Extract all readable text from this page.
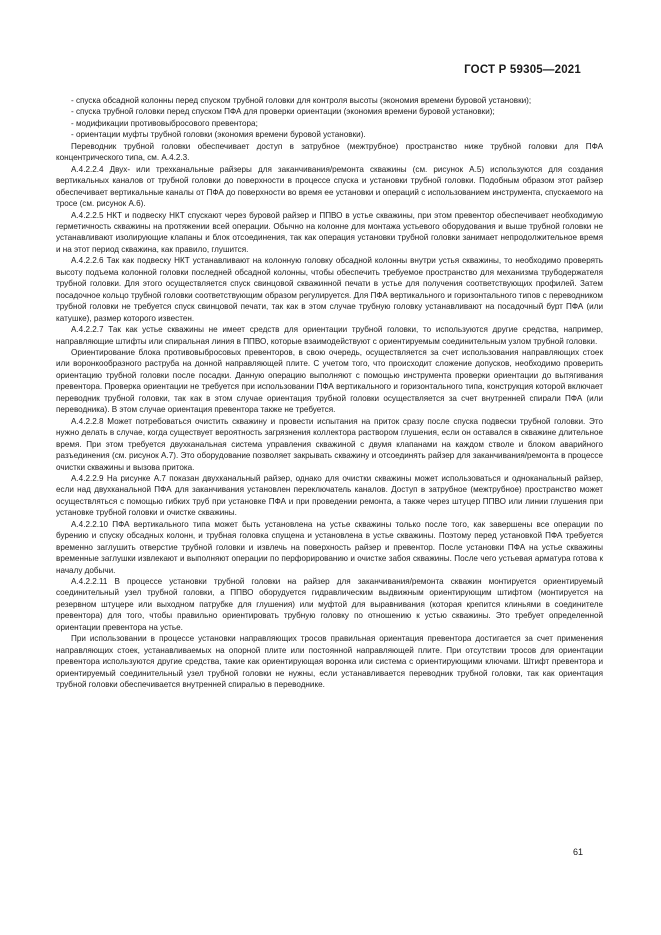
ГОСТ Р 59305—2021

- спуска обсадной колонны перед спуском трубной головки для контроля высоты (экономия времени буровой установки);

- спуска трубной головки перед спуском ПФА для проверки ориентации (экономия времени буровой установки);

- модификации противовыбросового превентора;

- ориентации муфты трубной головки (экономия времени буровой установки).

Переводник трубной головки обеспечивает доступ в затрубное (межтрубное) пространство ниже трубной головки для ПФА концентрического типа, см. А.4.2.3.

А.4.2.2.4 Двух- или трехканальные райзеры для заканчивания/ремонта скважины (см. рисунок А.5) используются для создания вертикальных каналов от трубной головки до поверхности в процессе спуска и установки трубной головки. Подобным образом этот райзер обеспечивает вертикальные каналы от ПФА до поверхности во время ее установки и операций с использованием инструмента, спускаемого на тросе (см. рисунок А.6).

А.4.2.2.5 НКТ и подвеску НКТ спускают через буровой райзер и ППВО в устье скважины, при этом превентор обеспечивает необходимую герметичность скважины на протяжении всей операции. Обычно на колонне для монтажа устьевого оборудования и выше трубной головки не устанавливают изолирующие клапаны и блок отсоединения, так как операция установки трубной головки занимает непродолжительное время и на этот период скважина, как правило, глушится.

А.4.2.2.6 Так как подвеску НКТ устанавливают на колонную головку обсадной колонны внутри устья скважины, то необходимо проверять высоту подъема колонной головки последней обсадной колонны, чтобы обеспечить требуемое пространство для механизма трубодержателя трубной головки. Для этого осуществляется спуск свинцовой скважинной печати в устье для получения соответствующих профилей. Затем посадочное кольцо трубной головки соответствующим образом регулируется. Для ПФА вертикального и горизонтального типов с переводником трубной головки не требуется спуск свинцовой печати, так как в этом случае трубную головку устанавливают на посадочный бурт ПФА (или катушке), размер которого известен.

А.4.2.2.7 Так как устье скважины не имеет средств для ориентации трубной головки, то используются другие средства, например, направляющие штифты или спиральная линия в ППВО, которые взаимодействуют с ориентируемым соединительным узлом трубной головки.

Ориентирование блока противовыбросовых превенторов, в свою очередь, осуществляется за счет использования направляющих стоек или воронкообразного раструба на донной направляющей плите. С учетом того, что происходит сложение допусков, необходимо проверить ориентацию трубной головки после посадки. Данную операцию выполняют с помощью инструмента проверки ориентации до вытягивания превентора. Проверка ориентации не требуется при использовании ПФА вертикального и горизонтального типа, конструкция которой включает переводник трубной головки, так как в этом случае ориентация трубной головки осуществляется за счет внутренней спирали ПФА (или переводника). В этом случае ориентация превентора также не требуется.

А.4.2.2.8 Может потребоваться очистить скважину и провести испытания на приток сразу после спуска подвески трубной головки. Это нужно делать в случае, когда существует вероятность загрязнения коллектора раствором глушения, если он оставался в скважине длительное время. При этом требуется двухканальная система управления скважиной с двумя клапанами на каждом стволе и блоком аварийного разъединения (см. рисунок А.7). Это оборудование позволяет закрывать скважину и отсоединять райзер для заканчивания/ремонта в процессе очистки скважины и вызова притока.

А.4.2.2.9 На рисунке А.7 показан двухканальный райзер, однако для очистки скважины может использоваться и одноканальный райзер, если над двухканальной ПФА для заканчивания установлен переключатель каналов. Доступ в затрубное (межтрубное) пространство может осуществляться с помощью гибких труб при установке ПФА и при проведении ремонта, а также через штуцер ППВО или линии глушения при установке трубной головки и очистке скважины.

А.4.2.2.10 ПФА вертикального типа может быть установлена на устье скважины только после того, как завершены все операции по бурению и спуску обсадных колонн, и трубная головка спущена и установлена в устье скважины. Поэтому перед установкой ПФА требуется временно заглушить отверстие трубной головки и извлечь на поверхность райзер и превентор. После установки ПФА на устье скважины временные заглушки извлекают и выполняют операции по перфорированию и очистке забоя скважины. После чего устьевая арматура готова к началу добычи.

А.4.2.2.11 В процессе установки трубной головки на райзер для заканчивания/ремонта скважин монтируется ориентируемый соединительный узел трубной головки, а ППВО оборудуется гидравлическим выдвижным ориентирующим штифтом (монтируется на резервном штуцере или выходном патрубке для глушения) или муфтой для выравнивания (которая крепится клиньями в соединителе превентора) для того, чтобы правильно ориентировать трубную головку по отношению к устью скважины. Это требует определенной ориентации превентора на устье.

При использовании в процессе установки направляющих тросов правильная ориентация превентора достигается за счет применения направляющих стоек, устанавливаемых на опорной плите или постоянной направляющей плите. При отсутствии тросов для ориентации превентора используются другие средства, такие как ориентирующая воронка или система с ориентирующими ключами. Штифт превентора и ориентируемый соединительный узел трубной головки не нужны, если устанавливается переводник трубной головки, так как ориентация трубной головки обеспечивается внутренней спиралью в переводнике.

61
